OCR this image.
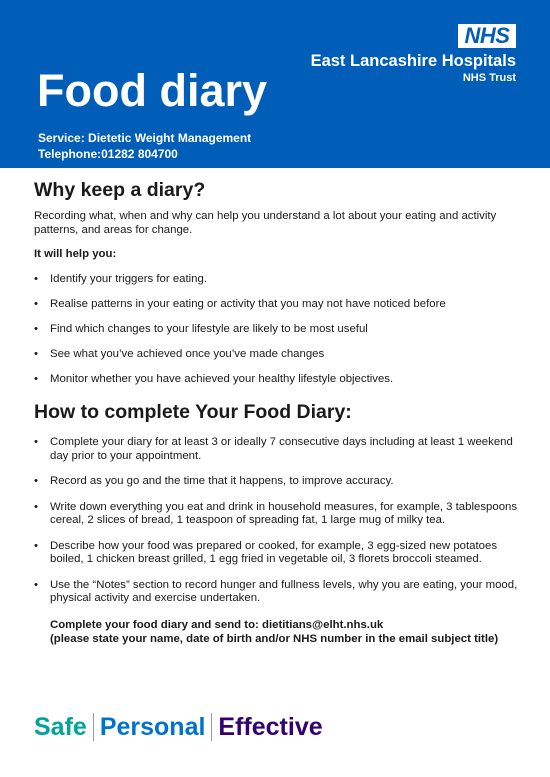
NHS
East Lancashire Hospitals
NHS Trust
Food diary
Service: Dietetic Weight Management
Telephone:01282 804700
Why keep a diary?

Recording what, when and why can help you understand a lot about your eating and activity patterns, and areas for change.

It will help you:

• Identify your triggers for eating.
• Realise patterns in your eating or activity that you may not have noticed before
• Find which changes to your lifestyle are likely to be most useful
• See what you’ve achieved once you’ve made changes
• Monitor whether you have achieved your healthy lifestyle objectives.
How to complete Your Food Diary:
• Complete your diary for at least 3 or ideally 7 consecutive days including at least 1 weekend day prior to your appointment.
• Record as you go and the time that it happens, to improve accuracy.
• Write down everything you eat and drink in household measures, for example, 3 tablespoons cereal, 2 slices of bread, 1 teaspoon of spreading fat, 1 large mug of milky tea.
• Describe how your food was prepared or cooked, for example, 3 egg-sized new potatoes boiled, 1 chicken breast grilled, 1 egg fried in vegetable oil, 3 florets broccoli steamed.
• Use the “Notes” section to record hunger and fullness levels, why you are eating, your mood, physical activity and exercise undertaken.
Complete your food diary and send to: dietitians@elht.nhs.uk
(please state your name, date of birth and/or NHS number in the email subject title)
Safe Personal Effective
